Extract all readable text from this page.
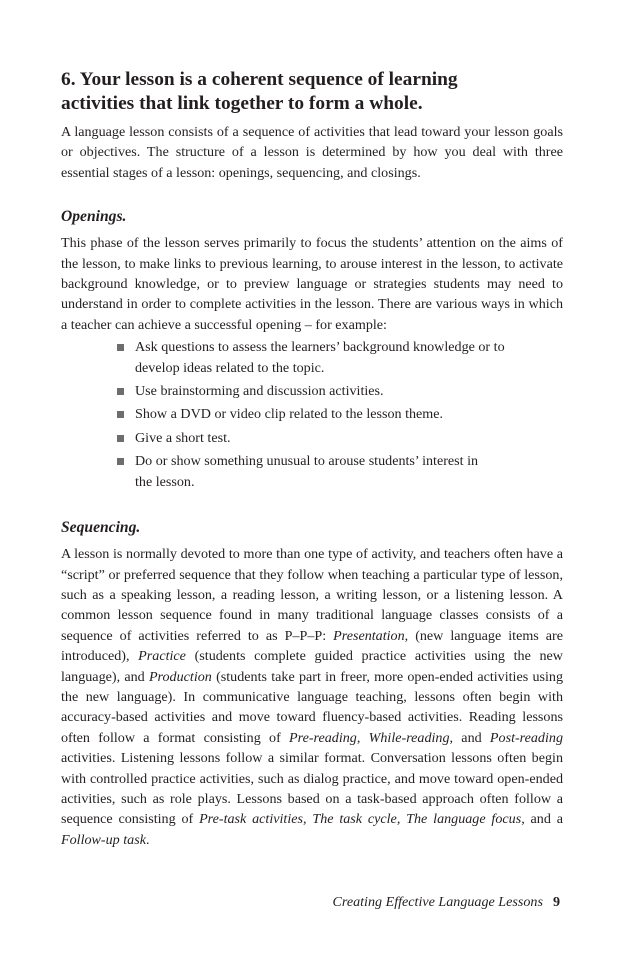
6. Your lesson is a coherent sequence of learning
activities that link together to form a whole.

A language lesson consists of a sequence of activities that lead toward your lesson goals or objectives. The structure of a lesson is determined by how you deal with three essential stages of a lesson: openings, sequencing, and closings.

Openings.

This phase of the lesson serves primarily to focus the students’ attention on the aims of the lesson, to make links to previous learning, to arouse interest in the lesson, to activate background knowledge, or to preview language or strategies students may need to understand in order to complete activities in the lesson. There are various ways in which a teacher can achieve a successful opening – for example:

Ask questions to assess the learners’ background knowledge or to
develop ideas related to the topic.
Use brainstorming and discussion activities.
Show a DVD or video clip related to the lesson theme.
Give a short test.
Do or show something unusual to arouse students’ interest in
the lesson.
Sequencing.

A lesson is normally devoted to more than one type of activity, and teachers often have a “script” or preferred sequence that they follow when teaching a particular type of lesson, such as a speaking lesson, a reading lesson, a writing lesson, or a listening lesson. A common lesson sequence found in many traditional language classes consists of a sequence of activities referred to as P–P–P: Presentation, (new language items are introduced), Practice (students complete guided practice activities using the new language), and Production (students take part in freer, more open-ended activities using the new language). In communicative language teaching, lessons often begin with accuracy-based activities and move toward fluency-based activities. Reading lessons often follow a format consisting of Pre-reading, While-reading, and Post-reading activities. Listening lessons follow a similar format. Conversation lessons often begin with controlled practice activities, such as dialog practice, and move toward open-ended activities, such as role plays. Lessons based on a task-based approach often follow a sequence consisting of Pre-task activities, The task cycle, The language focus, and a Follow-up task.

Creating Effective Language Lessons 9
